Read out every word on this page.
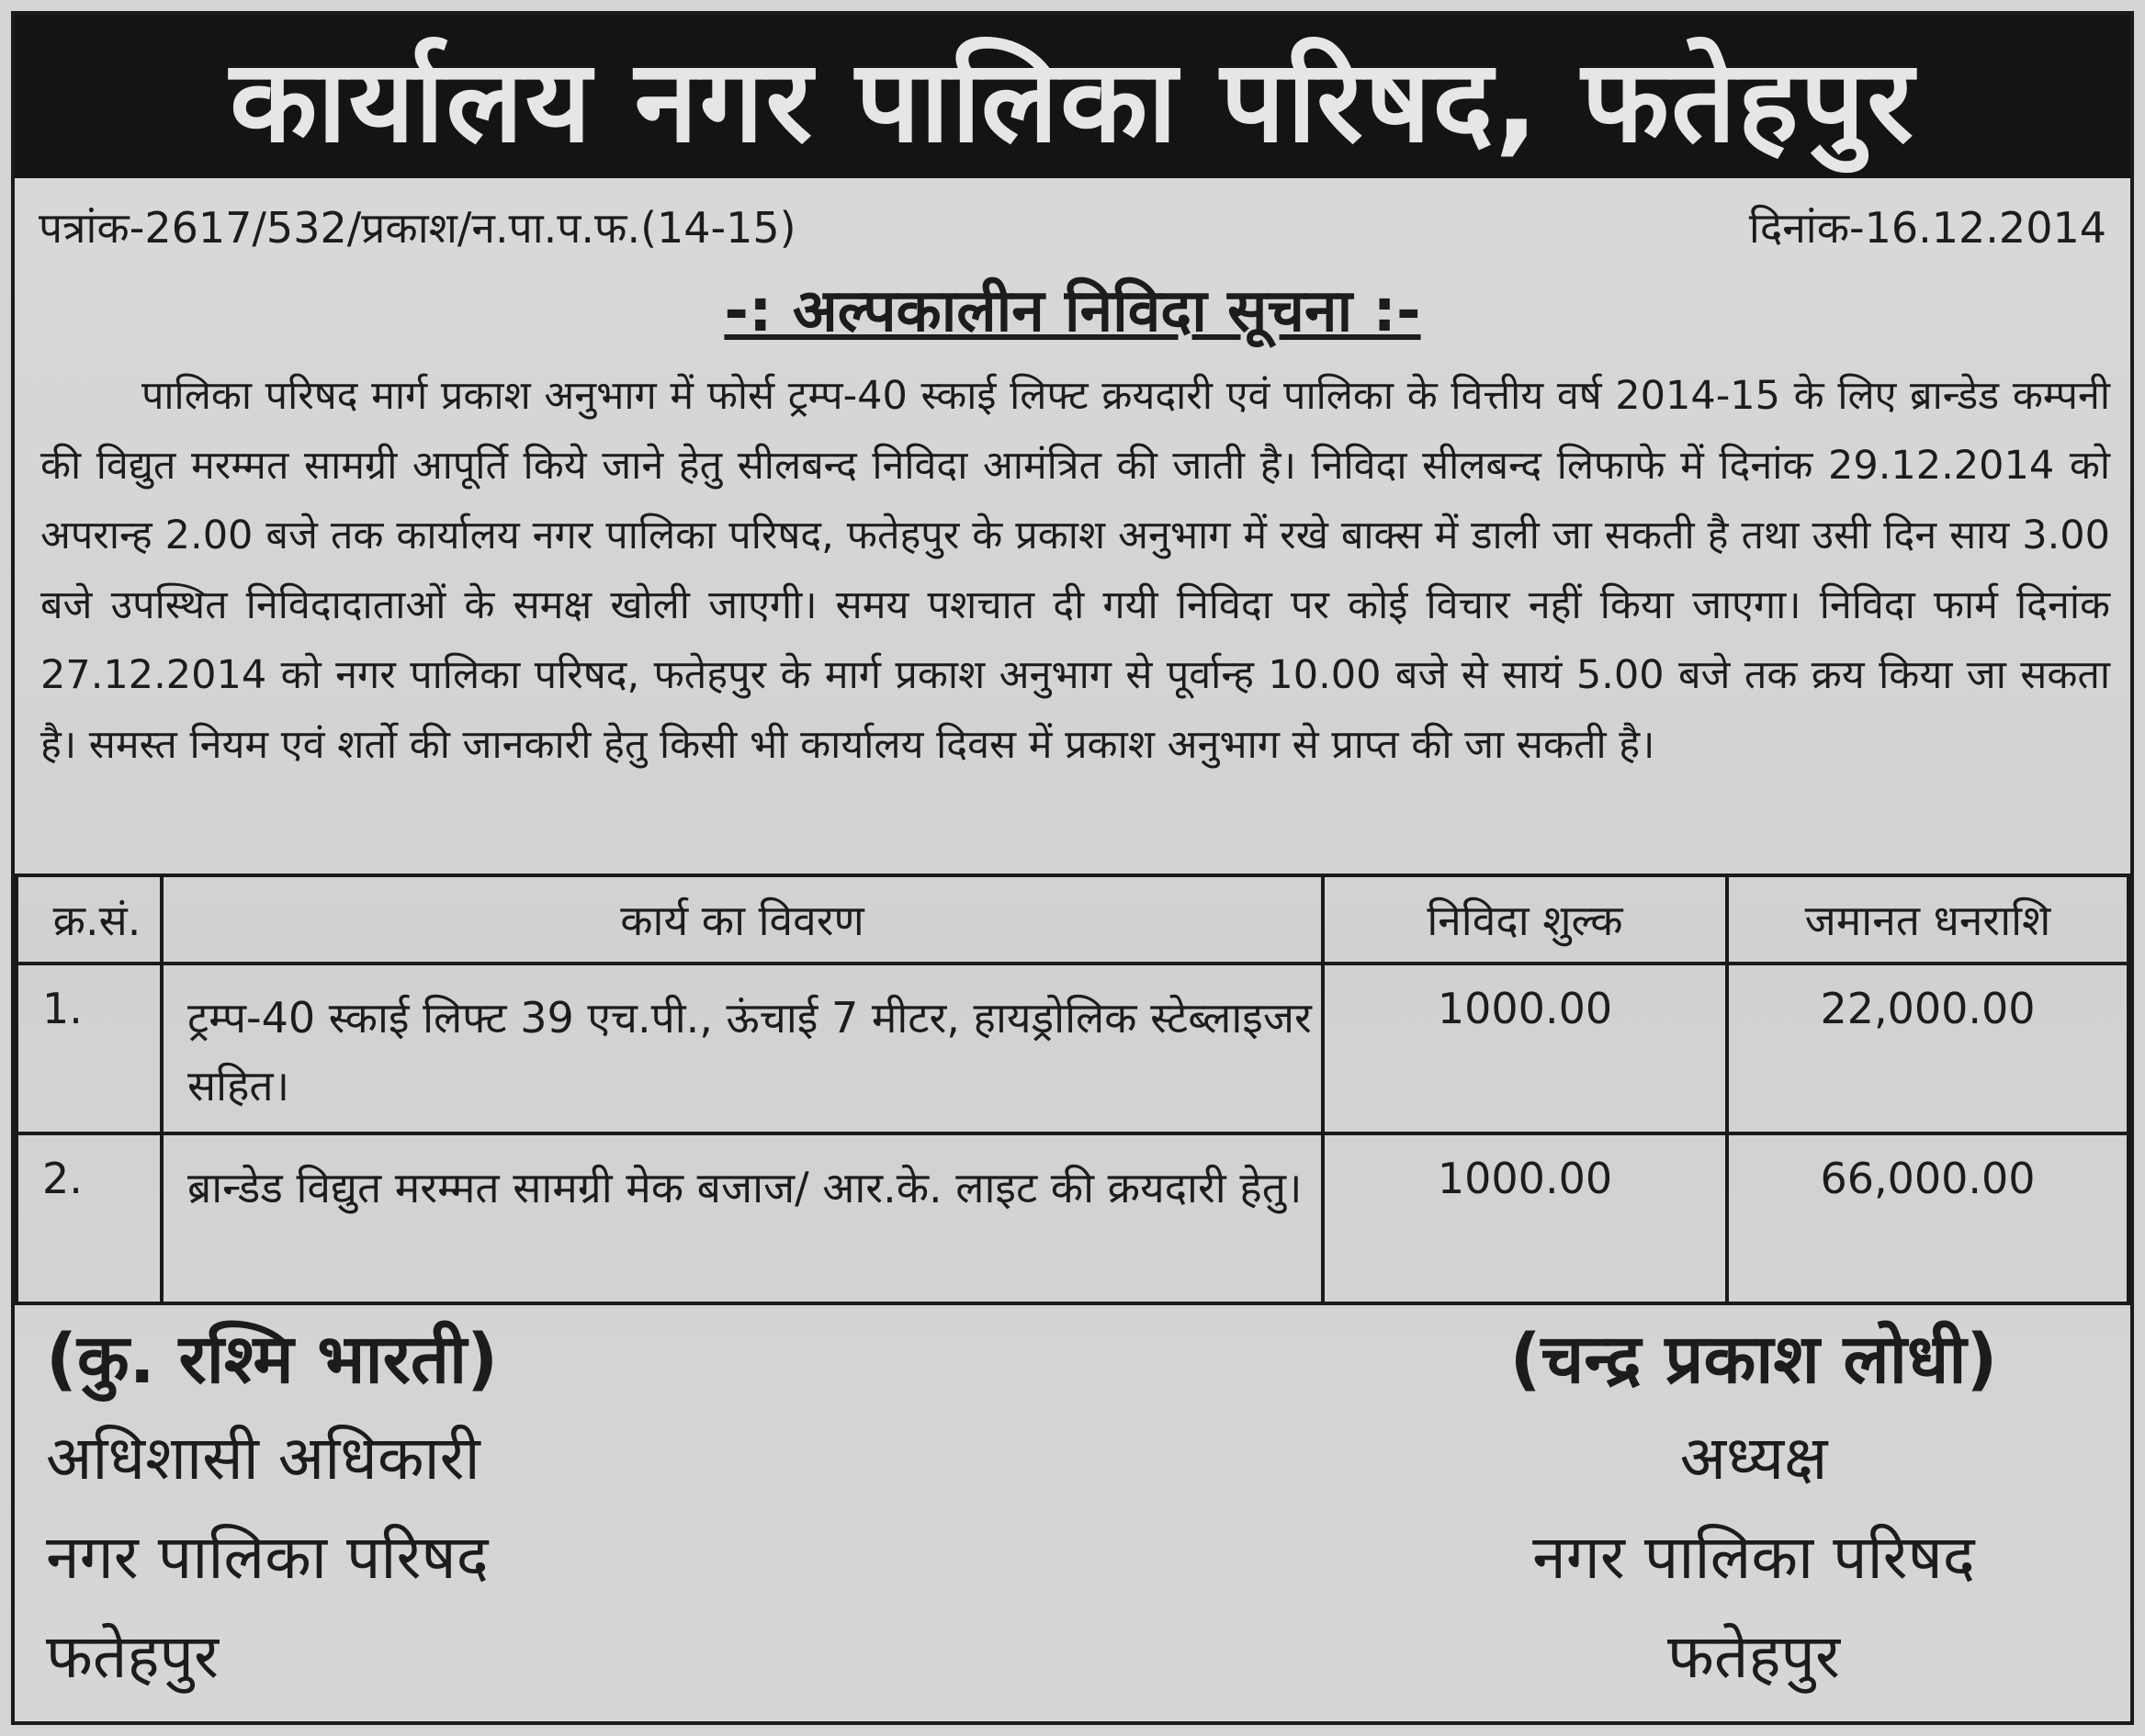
कार्यालय नगर पालिका परिषद, फतेहपुर
पत्रांक-2617/532/प्रकाश/न.पा.प.फ.(14-15)	दिनांक-16.12.2014
-: अल्पकालीन निविदा सूचना :-

पालिका परिषद मार्ग प्रकाश अनुभाग में फोर्स ट्रम्प-40 स्काई लिफ्ट क्रयदारी एवं पालिका के वित्तीय वर्ष 2014-15 के लिए ब्रान्डेड कम्पनी की विद्युत मरम्मत सामग्री आपूर्ति किये जाने हेतु सीलबन्द निविदा आमंत्रित की जाती है। निविदा सीलबन्द लिफाफे में दिनांक 29.12.2014 को अपरान्ह 2.00 बजे तक कार्यालय नगर पालिका परिषद, फतेहपुर के प्रकाश अनुभाग में रखे बाक्स में डाली जा सकती है तथा उसी दिन साय 3.00 बजे उपस्थित निविदादाताओं के समक्ष खोली जाएगी। समय पशचात दी गयी निविदा पर कोई विचार नहीं किया जाएगा। निविदा फार्म दिनांक 27.12.2014 को नगर पालिका परिषद, फतेहपुर के मार्ग प्रकाश अनुभाग से पूर्वान्ह 10.00 बजे से सायं 5.00 बजे तक क्रय किया जा सकता है। समस्त नियम एवं शर्तो की जानकारी हेतु किसी भी कार्यालय दिवस में प्रकाश अनुभाग से प्राप्त की जा सकती है।

क्र.सं.	कार्य का विवरण	निविदा शुल्क	जमानत धनराशि
1.	ट्रम्प-40 स्काई लिफ्ट 39 एच.पी., ऊंचाई 7 मीटर, हायड्रोलिक स्टेब्लाइजर सहित।	1000.00	22,000.00
2.	ब्रान्डेड विद्युत मरम्मत सामग्री मेक बजाज/ आर.के. लाइट की क्रयदारी हेतु।	1000.00	66,000.00
(कु. रश्मि भारती)
अधिशासी अधिकारी
नगर पालिका परिषद
फतेहपुर
(चन्द्र प्रकाश लोधी)
अध्यक्ष
नगर पालिका परिषद
फतेहपुर
